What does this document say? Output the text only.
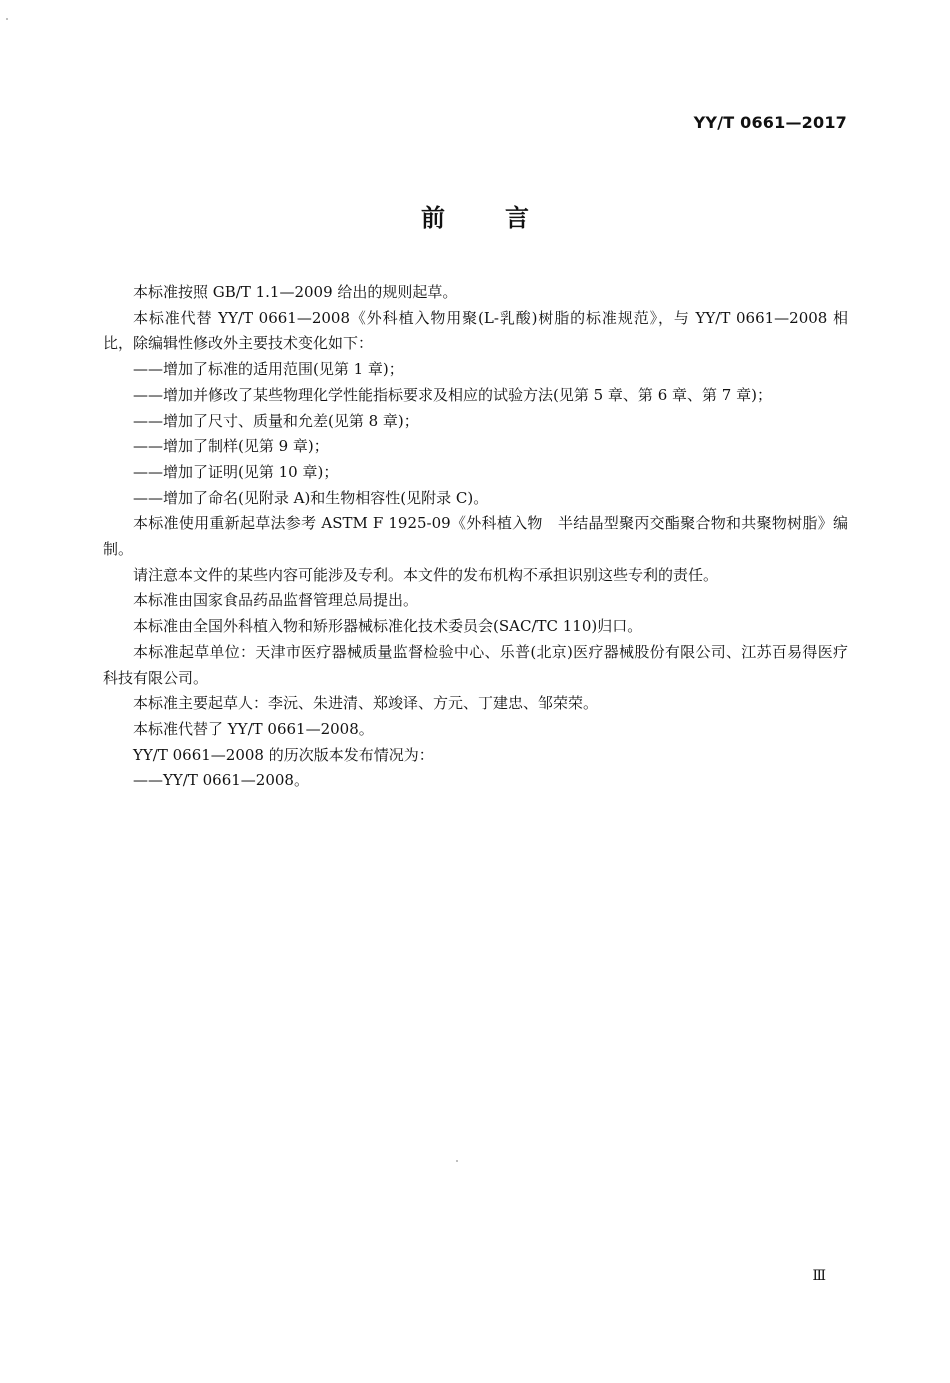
YY/T 0661—2017
前言

本标准按照 GB/T 1.1—2009 给出的规则起草。

本标准代替 YY/T 0661—2008《外科植入物用聚(L-乳酸)树脂的标准规范》，与 YY/T 0661—2008 相比，除编辑性修改外主要技术变化如下：

——增加了标准的适用范围(见第 1 章)；

——增加并修改了某些物理化学性能指标要求及相应的试验方法(见第 5 章、第 6 章、第 7 章)；

——增加了尺寸、质量和允差(见第 8 章)；

——增加了制样(见第 9 章)；

——增加了证明(见第 10 章)；

——增加了命名(见附录 A)和生物相容性(见附录 C)。

本标准使用重新起草法参考 ASTM F 1925-09《外科植入物　半结晶型聚丙交酯聚合物和共聚物树脂》编制。

请注意本文件的某些内容可能涉及专利。本文件的发布机构不承担识别这些专利的责任。

本标准由国家食品药品监督管理总局提出。

本标准由全国外科植入物和矫形器械标准化技术委员会(SAC/TC 110)归口。

本标准起草单位：天津市医疗器械质量监督检验中心、乐普(北京)医疗器械股份有限公司、江苏百易得医疗科技有限公司。

本标准主要起草人：李沅、朱进清、郑竣译、方元、丁建忠、邹荣荣。

本标准代替了 YY/T 0661—2008。

YY/T 0661—2008 的历次版本发布情况为：

——YY/T 0661—2008。

Ⅲ
